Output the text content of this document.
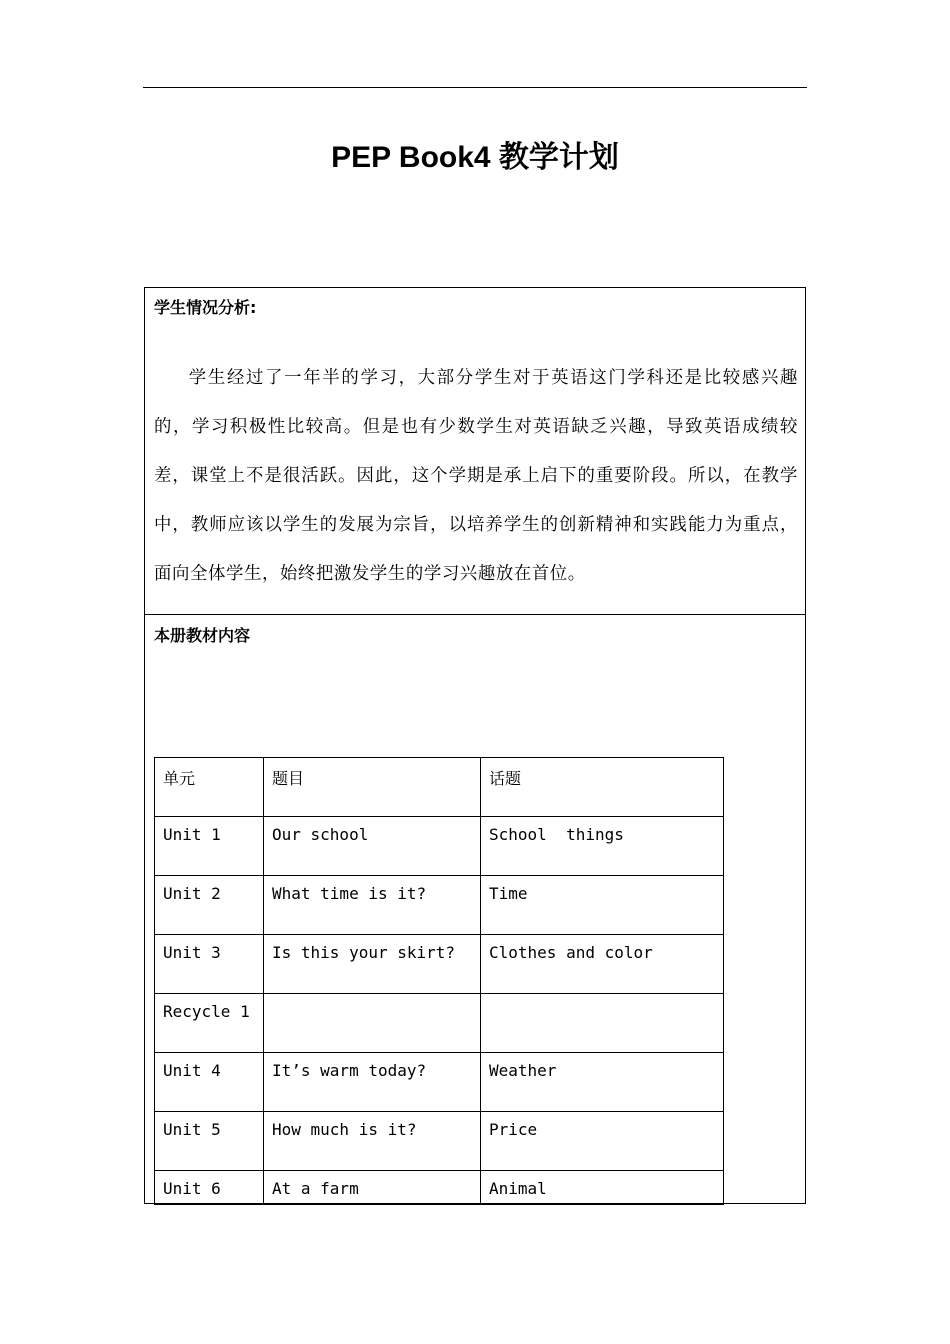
PEP Book4 教学计划
学生情况分析:

学生经过了一年半的学习，大部分学生对于英语这门学科还是比较感兴趣的，学习积极性比较高。但是也有少数学生对英语缺乏兴趣，导致英语成绩较差，课堂上不是很活跃。因此，这个学期是承上启下的重要阶段。所以，在教学中，教师应该以学生的发展为宗旨，以培养学生的创新精神和实践能力为重点，面向全体学生，始终把激发学生的学习兴趣放在首位。

本册教材内容
单元	题目	话题
Unit 1	Our school	School  things
Unit 2	What time is it?	Time
Unit 3	Is this your skirt?	Clothes and color
Recycle 1		
Unit 4	It’s warm today?	Weather
Unit 5	How much is it?	Price
Unit 6	At a farm	Animal
